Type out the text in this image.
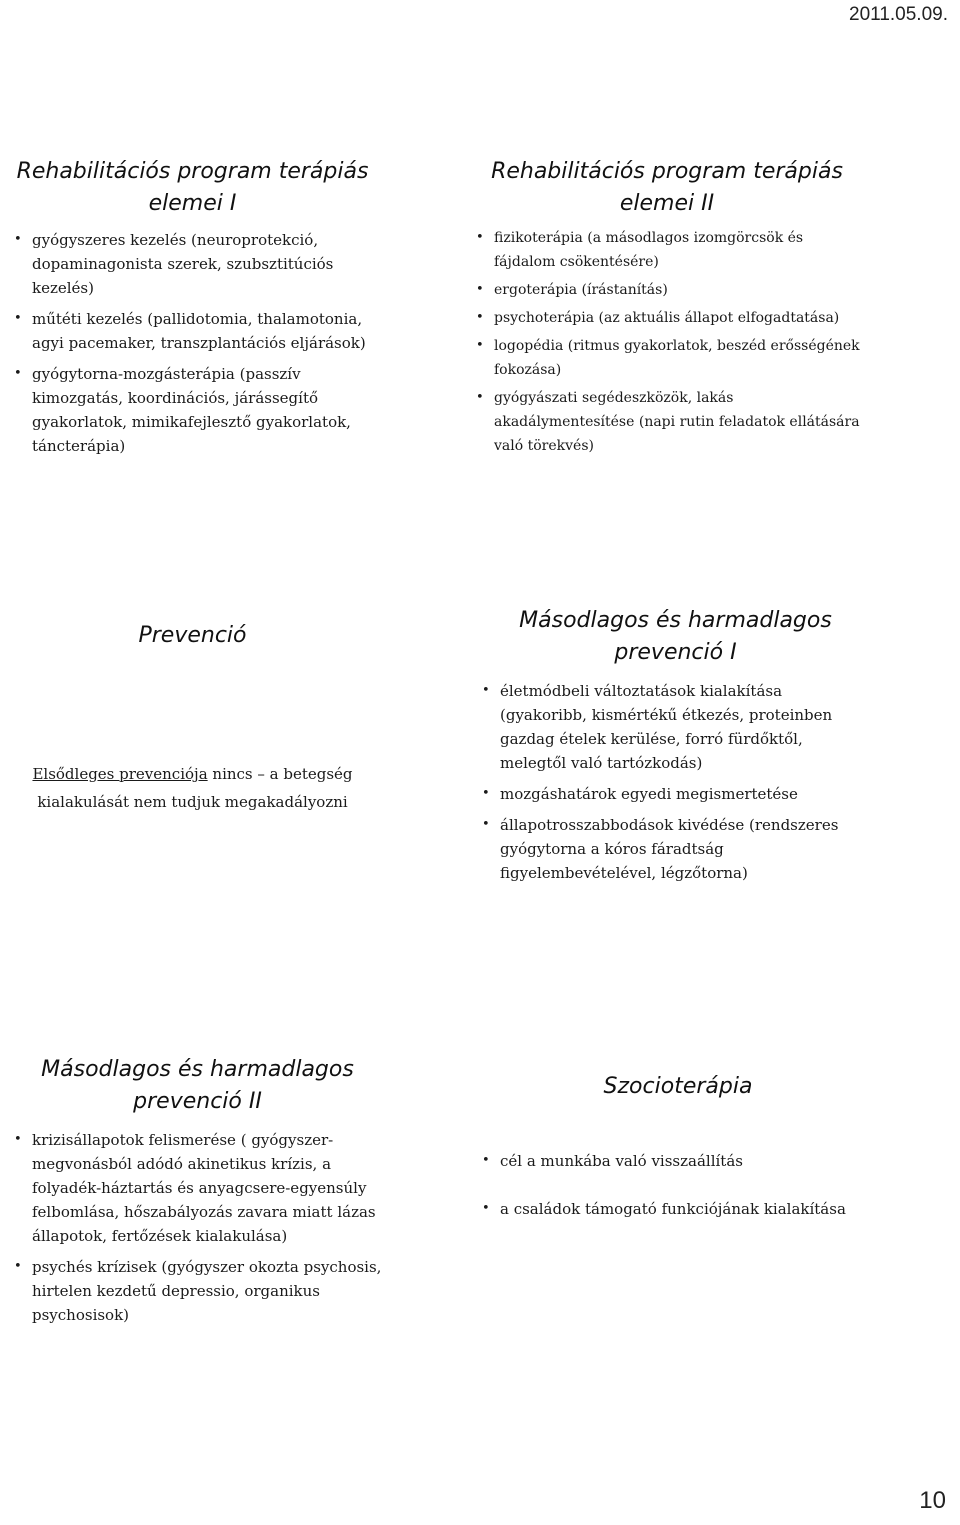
2011.05.09.
Rehabilitációs program terápiás
elemei I
• gyógyszeres kezelés (neuroprotekció, dopaminagonista szerek, szubsztitúciós kezelés)
• műtéti kezelés (pallidotomia, thalamotonia, agyi pacemaker, transzplantációs eljárások)
• gyógytorna-mozgásterápia (passzív kimozgatás, koordinációs, járássegítő gyakorlatok, mimikafejlesztő gyakorlatok, táncterápia)
Rehabilitációs program terápiás
elemei II
• fizikoterápia (a másodlagos izomgörcsök és fájdalom csökentésére)
• ergoterápia (írástanítás)
• psychoterápia (az aktuális állapot elfogadtatása)
• logopédia (ritmus gyakorlatok, beszéd erősségének fokozása)
• gyógyászati segédeszközök, lakás akadálymentesítése (napi rutin feladatok ellátására való törekvés)
Prevenció
Elsődleges prevenciója nincs – a betegség
kialakulását nem tudjuk megakadályozni
Másodlagos és harmadlagos
prevenció I
• életmódbeli változtatások kialakítása (gyakoribb, kismértékű étkezés, proteinben gazdag ételek kerülése, forró fürdőktől, melegtől való tartózkodás)
• mozgáshatárok egyedi megismertetése
• állapotrosszabbodások kivédése (rendszeres gyógytorna a kóros fáradtság figyelembevételével, légzőtorna)
Másodlagos és harmadlagos
prevenció II
• krizisállapotok felismerése ( gyógyszer-megvonásból adódó akinetikus krízis, a folyadék-háztartás és anyagcsere-egyensúly felbomlása, hőszabályozás zavara miatt lázas állapotok, fertőzések kialakulása)
• psychés krízisek (gyógyszer okozta psychosis, hirtelen kezdetű depressio, organikus psychosisok)
Szocioterápia
• cél a munkába való visszaállítás
• a családok támogató funkciójának kialakítása
10
